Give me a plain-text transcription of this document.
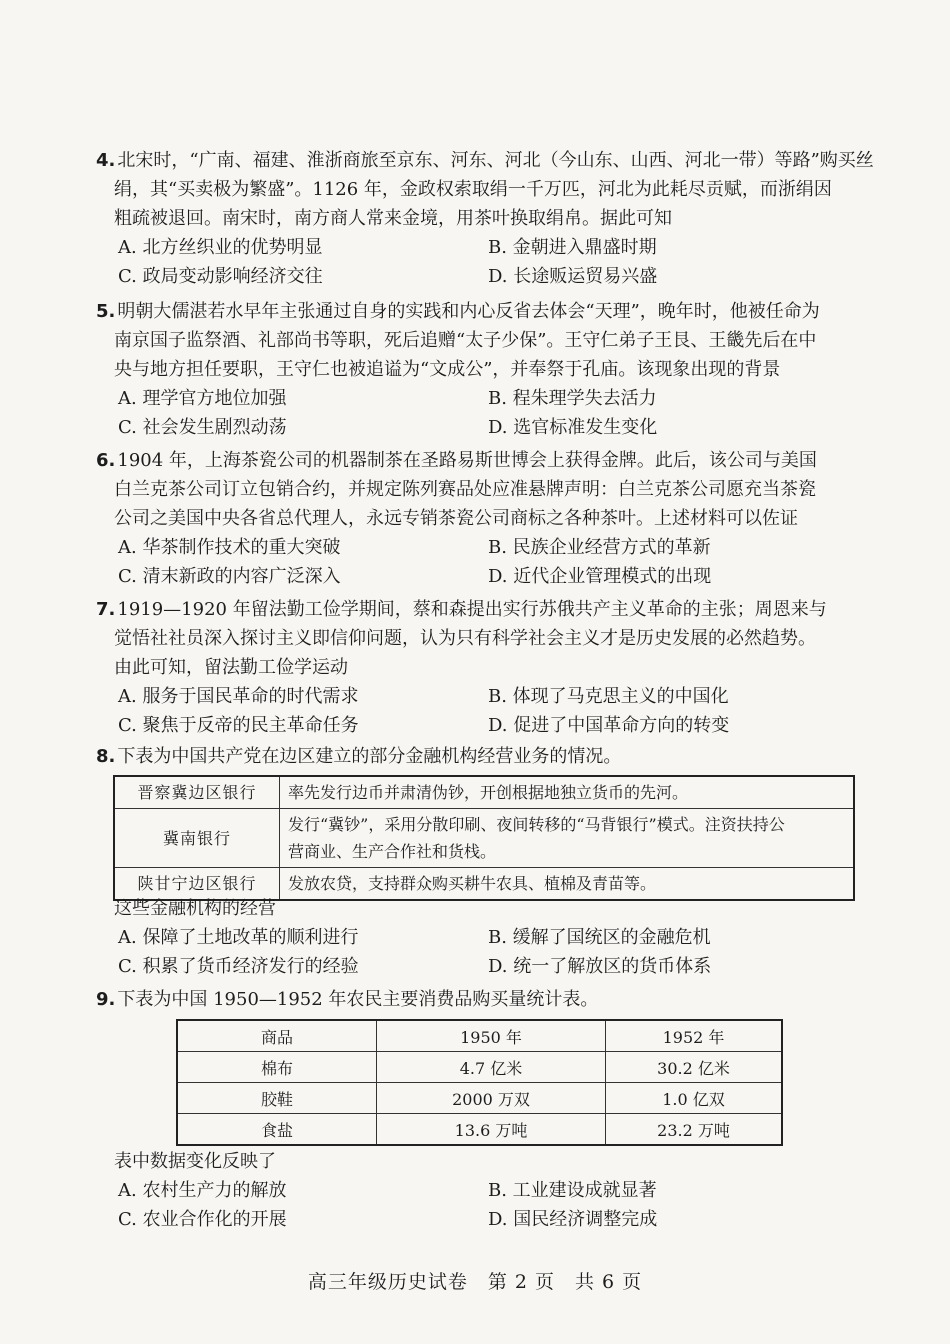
4. 北宋时，“广南、福建、淮浙商旅至京东、河东、河北（今山东、山西、河北一带）等路”购买丝
绢，其“买卖极为繁盛”。1126 年，金政权索取绢一千万匹，河北为此耗尽贡赋，而浙绢因
粗疏被退回。南宋时，南方商人常来金境，用茶叶换取绢帛。据此可知
A. 北方丝织业的优势明显	B. 金朝进入鼎盛时期
C. 政局变动影响经济交往	D. 长途贩运贸易兴盛
5. 明朝大儒湛若水早年主张通过自身的实践和内心反省去体会“天理”，晚年时，他被任命为
南京国子监祭酒、礼部尚书等职，死后追赠“太子少保”。王守仁弟子王艮、王畿先后在中
央与地方担任要职，王守仁也被追谥为“文成公”，并奉祭于孔庙。该现象出现的背景
A. 理学官方地位加强	B. 程朱理学失去活力
C. 社会发生剧烈动荡	D. 选官标准发生变化
6. 1904 年，上海茶瓷公司的机器制茶在圣路易斯世博会上获得金牌。此后，该公司与美国
白兰克茶公司订立包销合约，并规定陈列赛品处应准悬牌声明：白兰克茶公司愿充当茶瓷
公司之美国中央各省总代理人，永远专销茶瓷公司商标之各种茶叶。上述材料可以佐证
A. 华茶制作技术的重大突破	B. 民族企业经营方式的革新
C. 清末新政的内容广泛深入	D. 近代企业管理模式的出现
7. 1919—1920 年留法勤工俭学期间，蔡和森提出实行苏俄共产主义革命的主张；周恩来与
觉悟社社员深入探讨主义即信仰问题，认为只有科学社会主义才是历史发展的必然趋势。
由此可知，留法勤工俭学运动
A. 服务于国民革命的时代需求	B. 体现了马克思主义的中国化
C. 聚焦于反帝的民主革命任务	D. 促进了中国革命方向的转变
8. 下表为中国共产党在边区建立的部分金融机构经营业务的情况。
晋察冀边区银行	率先发行边币并肃清伪钞，开创根据地独立货币的先河。
冀南银行	发行“冀钞”，采用分散印刷、夜间转移的“马背银行”模式。注资扶持公
营商业、生产合作社和货栈。

陕甘宁边区银行	发放农贷，支持群众购买耕牛农具、植棉及青苗等。
这些金融机构的经营
A. 保障了土地改革的顺利进行	B. 缓解了国统区的金融危机
C. 积累了货币经济发行的经验	D. 统一了解放区的货币体系
9. 下表为中国 1950—1952 年农民主要消费品购买量统计表。
商品	1950 年	1952 年
棉布	4.7 亿米	30.2 亿米
胶鞋	2000 万双	1.0 亿双
食盐	13.6 万吨	23.2 万吨
表中数据变化反映了
A. 农村生产力的解放	B. 工业建设成就显著
C. 农业合作化的开展	D. 国民经济调整完成
高三年级历史试卷　第 2 页　共 6 页
